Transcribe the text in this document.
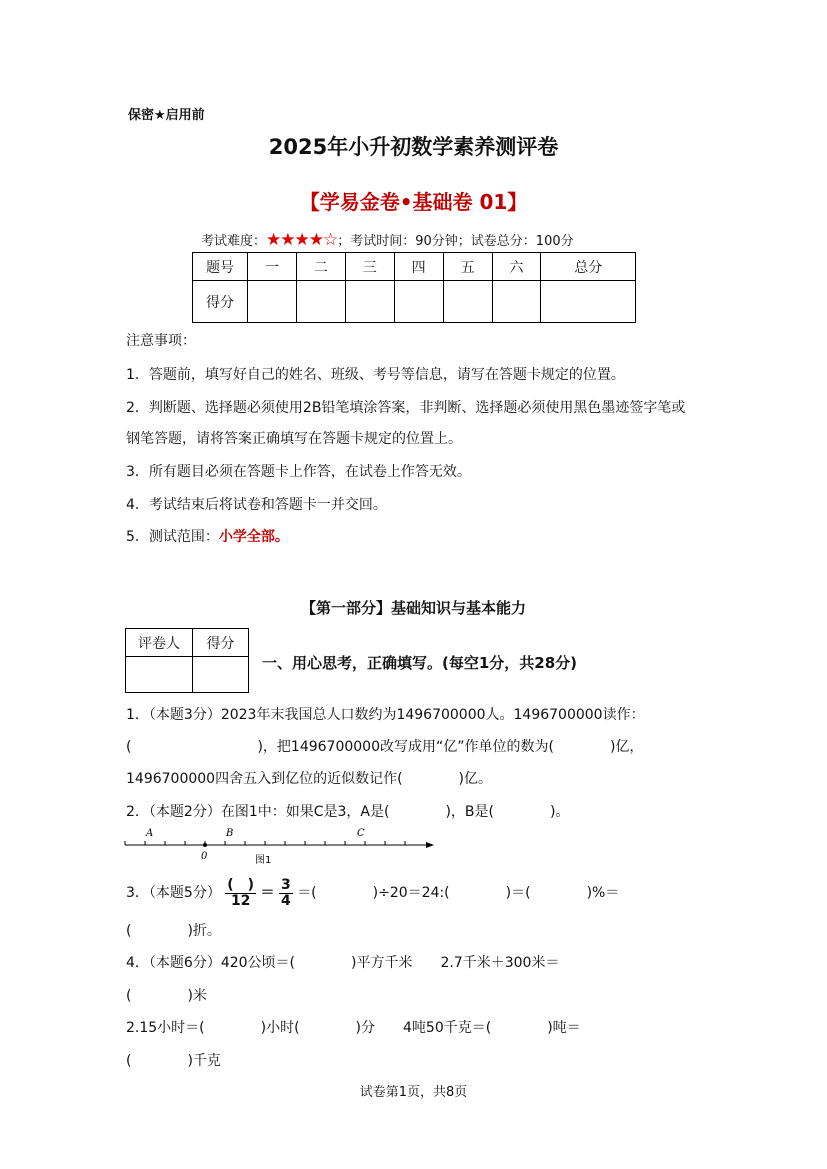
保密★启用前
2025年小升初数学素养测评卷
【学易金卷•基础卷 01】
考试难度：★★★★☆；考试时间：90分钟；试卷总分：100分
题号	一	二	三	四	五	六	总分
得分							
注意事项：
1．答题前，填写好自己的姓名、班级、考号等信息，请写在答题卡规定的位置。
2．判断题、选择题必须使用2B铅笔填涂答案，非判断、选择题必须使用黑色墨迹签字笔或
钢笔答题，请将答案正确填写在答题卡规定的位置上。
3．所有题目必须在答题卡上作答，在试卷上作答无效。
4．考试结束后将试卷和答题卡一并交回。
5．测试范围：小学全部。
【第一部分】基础知识与基本能力
评卷人	得分

一、用心思考，正确填写。(每空1分，共28分)
1．（本题3分）2023年末我国总人口数约为1496700000人。1496700000读作：
(　　　　　　　　　)，把1496700000改写成用“亿”作单位的数为(　　　　)亿，
1496700000四舍五入到亿位的近似数记作(　　　　)亿。
2．（本题2分）在图1中：如果C是3，A是(　　　　)，B是(　　　　)。
A	B	C
0	图1
3．（本题5分） $\frac{( )}{12} = \frac{3}{4}$ ＝(　　　　)÷20＝24:(　　　　)＝(　　　　)%＝
(　　　　)折。
4．（本题6分）420公顷＝(　　　　)平方千米　　2.7千米＋300米＝
(　　　　)米
2.15小时＝(　　　　)小时(　　　　)分　　4吨50千克＝(　　　　)吨＝
(　　　　)千克
试卷第1页，共8页
